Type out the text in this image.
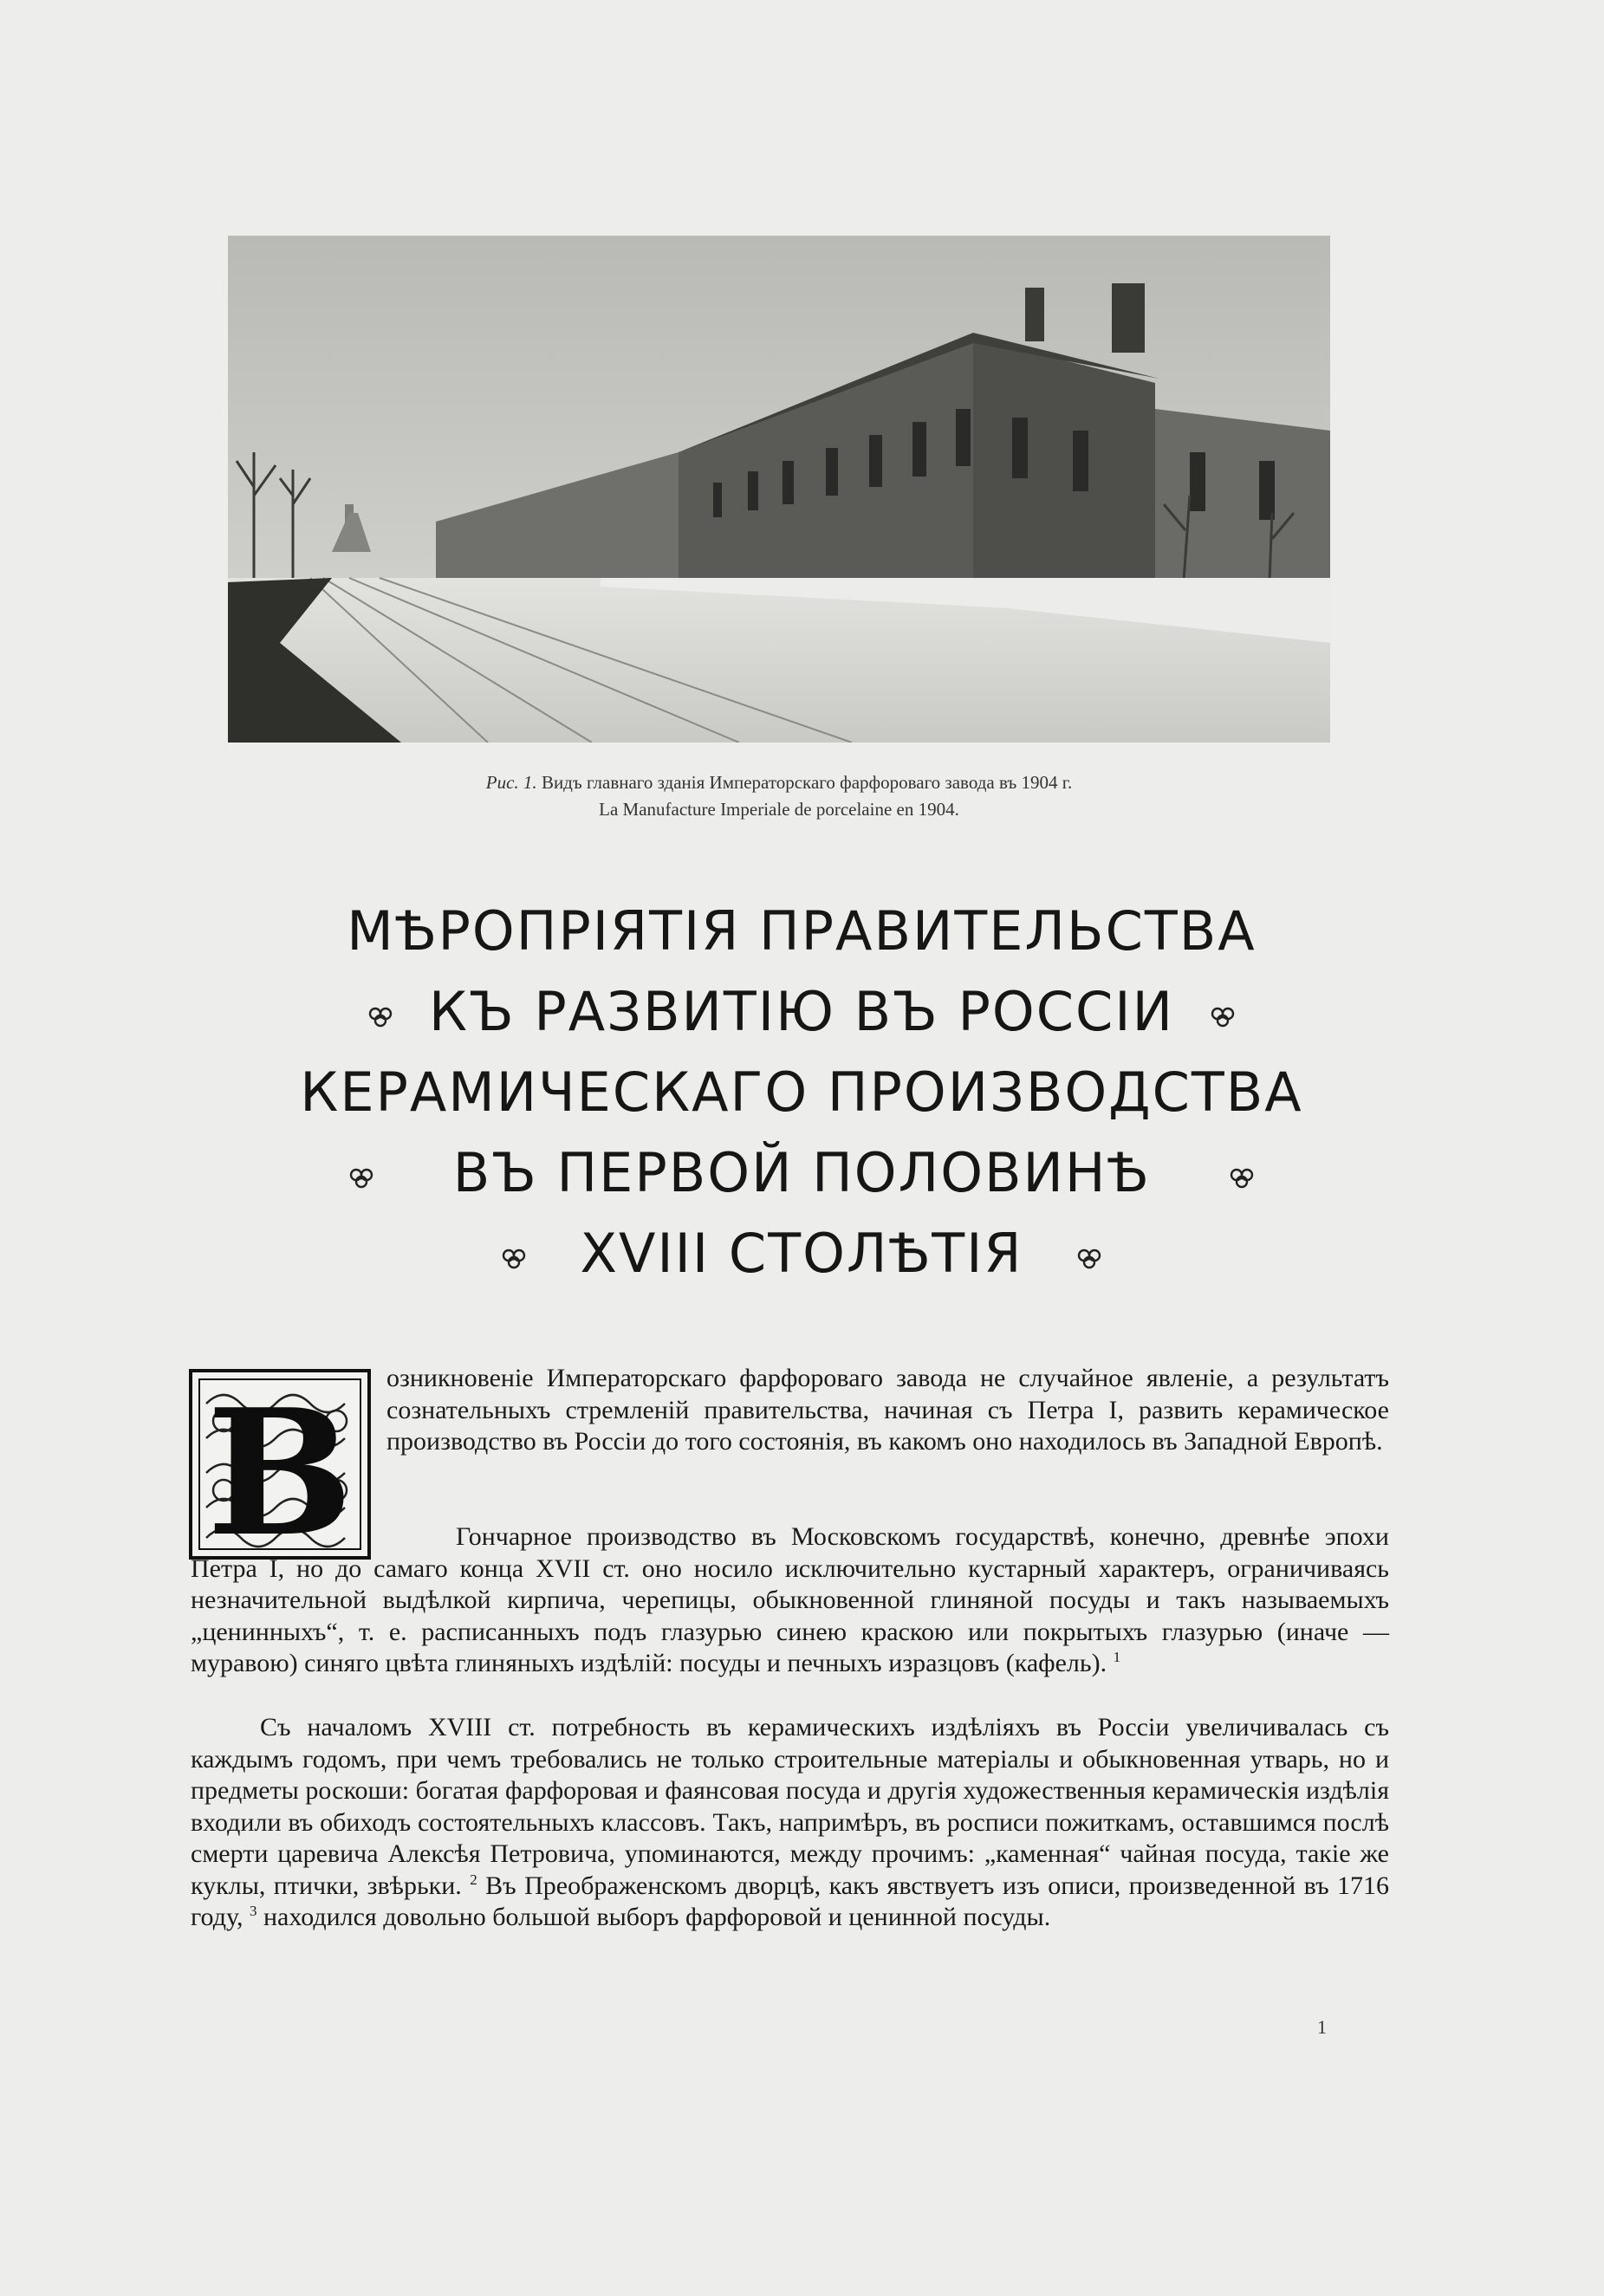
Рис. 1. Видъ главнаго зданія Императорскаго фарфороваго завода въ 1904 г.
La Manufacture Imperiale de porcelaine en 1904.
МѢРОПРІЯТІЯ ПРАВИТЕЛЬСТВА
КЪ РАЗВИТІЮ ВЪ РОССІИ
КЕРАМИЧЕСКАГО ПРОИЗВОДСТВА
ВЪ ПЕРВОЙ ПОЛОВИНѢ
XVIII СТОЛѢТІЯ
В озникновеніе Императорскаго фарфороваго завода не случайное явленіе, а результатъ сознательныхъ стремленій правительства, начиная съ Петра I, развить керамическое производство въ Россіи до того состоянія, въ какомъ оно находилось въ Западной Европѣ.

Гончарное производство въ Московскомъ государствѣ, конечно, древнѣе эпохи Петра I, но до самаго конца XVII ст. оно носило исключительно кустарный характеръ, ограничиваясь незначительной выдѣлкой кирпича, черепицы, обыкновенной глиняной посуды и такъ называемыхъ „ценинныхъ“, т. е. расписанныхъ подъ глазурью синею краскою или покрытыхъ глазурью (иначе — муравою) синяго цвѣта глиняныхъ издѣлій: посуды и печныхъ изразцовъ (кафель). $^1$

Съ началомъ XVIII ст. потребность въ керамическихъ издѣліяхъ въ Россіи увеличивалась съ каждымъ годомъ, при чемъ требовались не только строительные матеріалы и обыкновенная утварь, но и предметы роскоши: богатая фарфоровая и фаянсовая посуда и другія художественныя керамическія издѣлія входили въ обиходъ состоятельныхъ классовъ. Такъ, напримѣръ, въ росписи пожиткамъ, оставшимся послѣ смерти царевича Алексѣя Петровича, упоминаются, между прочимъ: „каменная“ чайная посуда, такіе же куклы, птички, звѣрьки. $^2$ Въ Преображенскомъ дворцѣ, какъ явствуетъ изъ описи, произведенной въ 1716 году, $^3$ находился довольно большой выборъ фарфоровой и ценинной посуды.

1
